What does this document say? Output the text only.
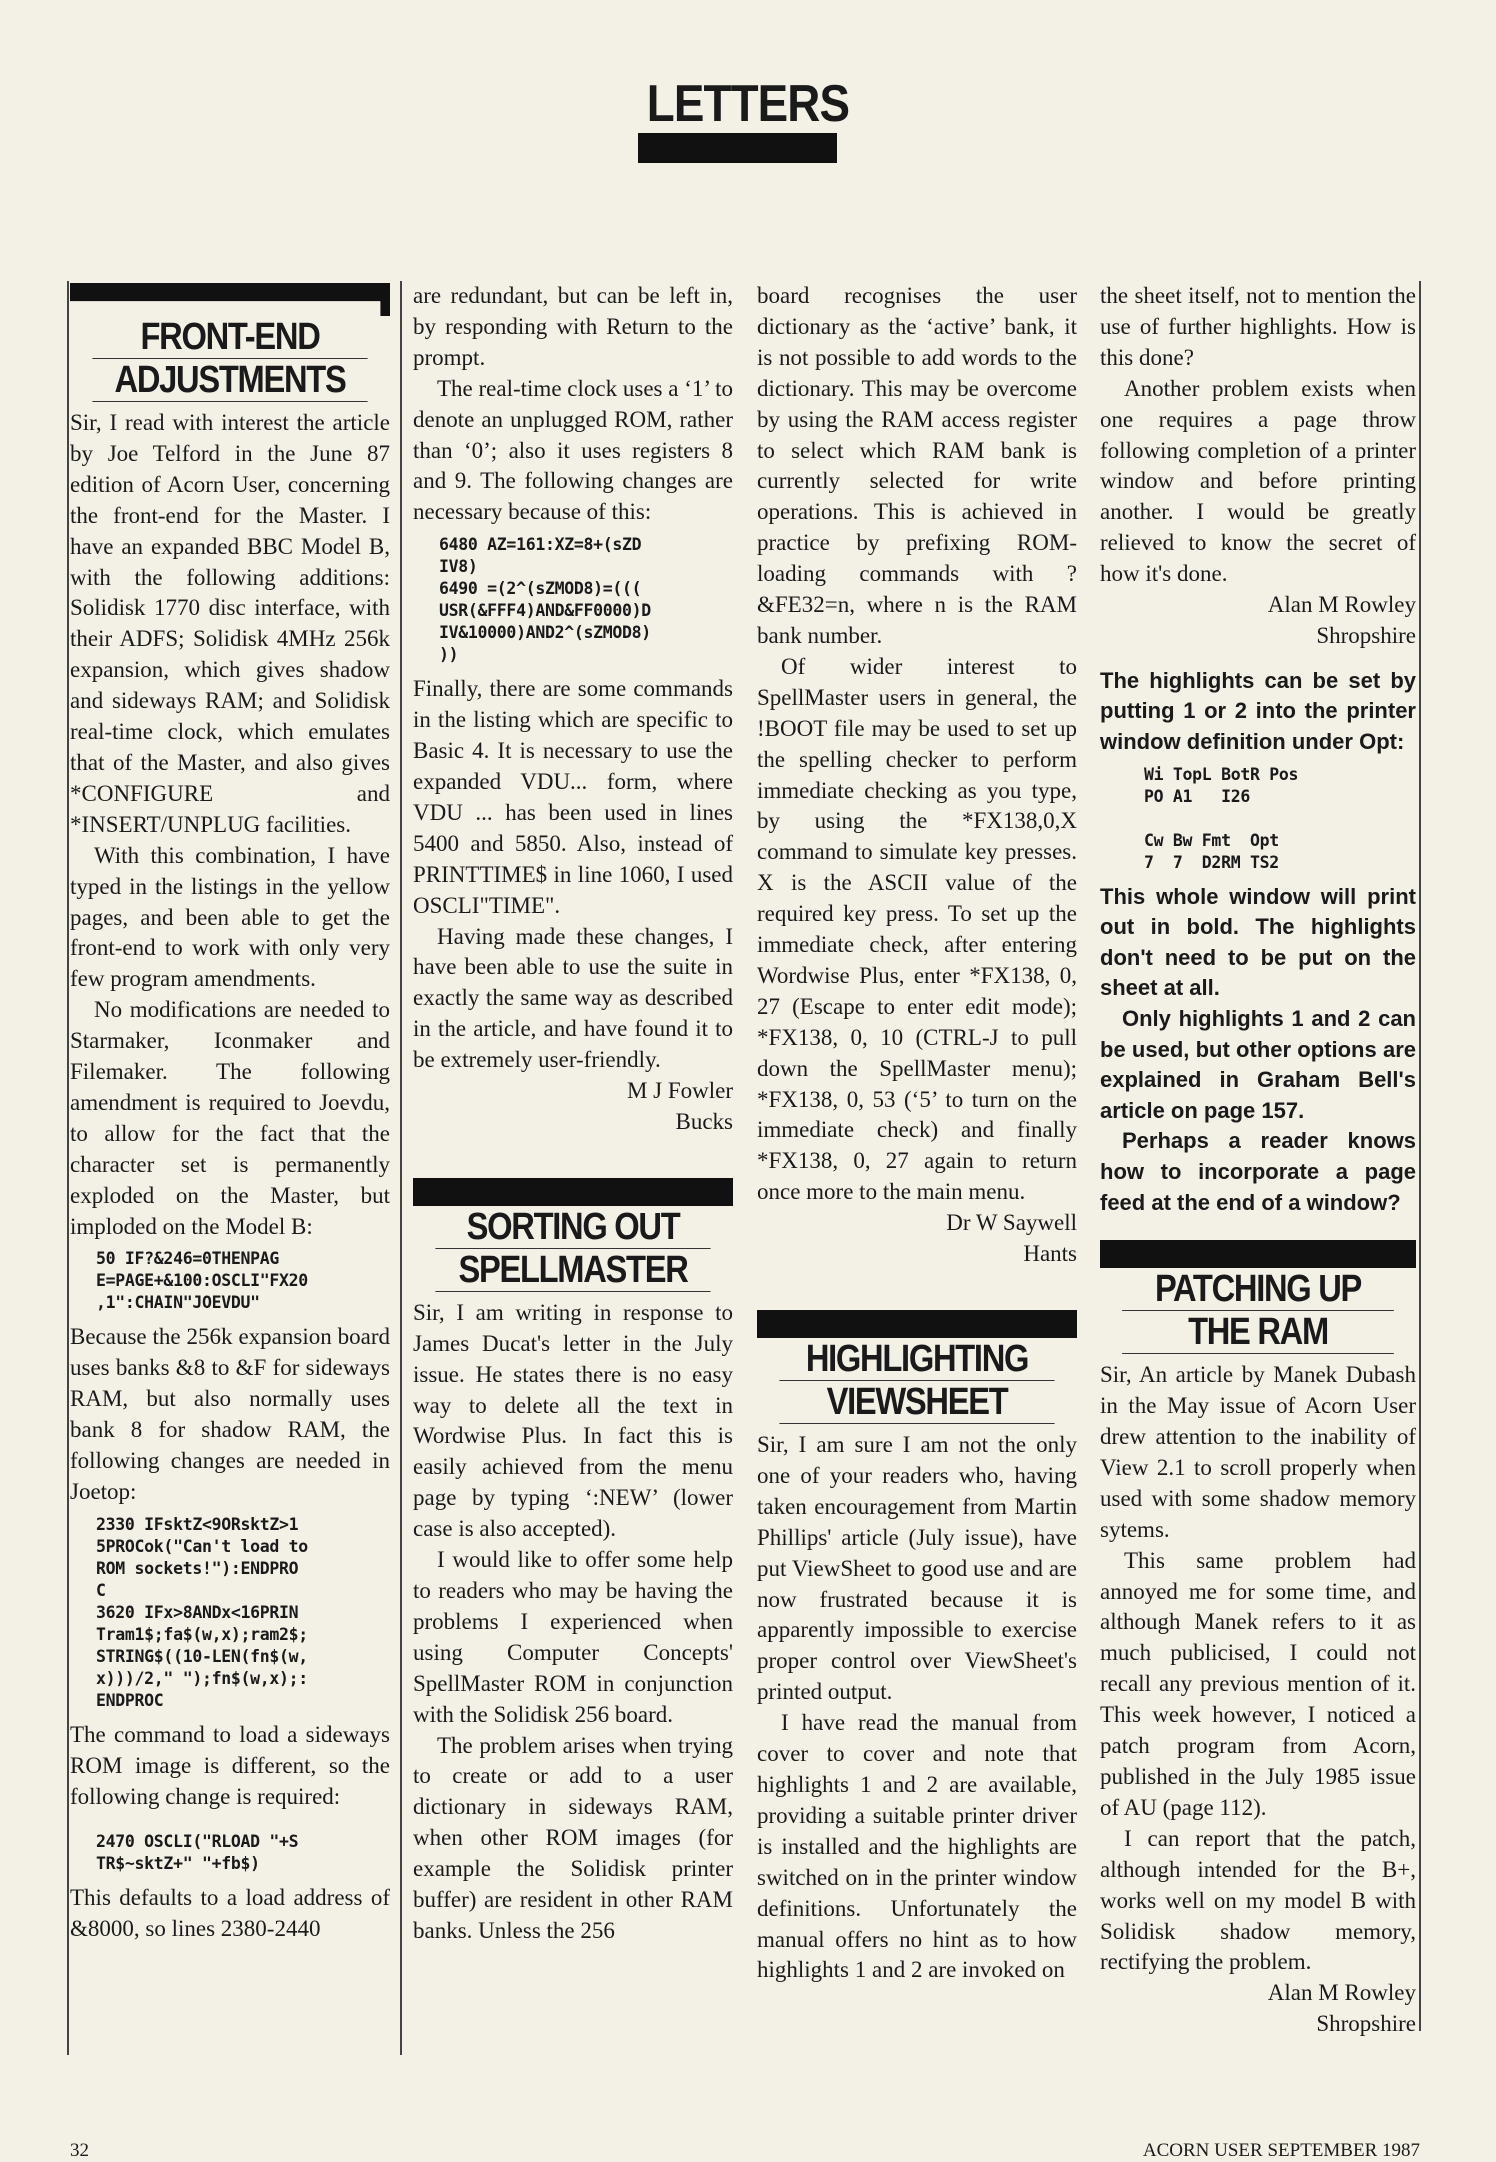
LETTERS
FRONT-END
ADJUSTMENTS

Sir, I read with interest the article by Joe Telford in the June 87 edition of Acorn User, concerning the front-end for the Master. I have an expanded BBC Model B, with the following additions: Solidisk 1770 disc interface, with their ADFS; Solidisk 4MHz 256k expansion, which gives shadow and sideways RAM; and Solidisk real-time clock, which emulates that of the Master, and also gives *CONFIGURE and *INSERT/UNPLUG facilities.

With this combination, I have typed in the listings in the yellow pages, and been able to get the front-end to work with only very few program amendments.

No modifications are needed to Starmaker, Iconmaker and Filemaker. The following amendment is required to Joevdu, to allow for the fact that the character set is permanently exploded on the Master, but imploded on the Model B:

50 IF?&246=0THENPAG
E=PAGE+&100:OSCLI"FX20
,1":CHAIN"JOEVDU"

Because the 256k expansion board uses banks &8 to &F for sideways RAM, but also normally uses bank 8 for shadow RAM, the following changes are needed in Joetop:

2330 IFsktZ<9ORsktZ>1
5PROCok("Can't load to
ROM sockets!"):ENDPRO
C
3620 IFx>8ANDx<16PRIN
Tram1$;fa$(w,x);ram2$;
STRING$((10-LEN(fn$(w,
x)))/2," ");fn$(w,x);:
ENDPROC

The command to load a sideways ROM image is different, so the following change is required:

2470 OSCLI("RLOAD "+S
TR$~sktZ+" "+fb$)

This defaults to a load address of &8000, so lines 2380-2440

are redundant, but can be left in, by responding with Return to the prompt.

The real-time clock uses a ‘1’ to denote an unplugged ROM, rather than ‘0’; also it uses registers 8 and 9. The following changes are necessary because of this:

6480 AZ=161:XZ=8+(sZD
IV8)
6490 =(2^(sZMOD8)=(((
USR(&FFF4)AND&FF0000)D
IV&10000)AND2^(sZMOD8)
))

Finally, there are some commands in the listing which are specific to Basic 4. It is necessary to use the expanded VDU... form, where VDU ... has been used in lines 5400 and 5850. Also, instead of PRINTTIME$ in line 1060, I used OSCLI"TIME".

Having made these changes, I have been able to use the suite in exactly the same way as described in the article, and have found it to be extremely user-friendly.

M J Fowler

Bucks

SORTING OUT
SPELLMASTER

Sir, I am writing in response to James Ducat's letter in the July issue. He states there is no easy way to delete all the text in Wordwise Plus. In fact this is easily achieved from the menu page by typing ‘:NEW’ (lower case is also accepted).

I would like to offer some help to readers who may be having the problems I experienced when using Computer Concepts' SpellMaster ROM in conjunction with the Solidisk 256 board.

The problem arises when trying to create or add to a user dictionary in sideways RAM, when other ROM images (for example the Solidisk printer buffer) are resident in other RAM banks. Unless the 256

board recognises the user dictionary as the ‘active’ bank, it is not possible to add words to the dictionary. This may be overcome by using the RAM access register to select which RAM bank is currently selected for write operations. This is achieved in practice by prefixing ROM-loading commands with ?&FE32=n, where n is the RAM bank number.

Of wider interest to SpellMaster users in general, the !BOOT file may be used to set up the spelling checker to perform immediate checking as you type, by using the *FX138,0,X command to simulate key presses. X is the ASCII value of the required key press. To set up the immediate check, after entering Wordwise Plus, enter *FX138, 0, 27 (Escape to enter edit mode); *FX138, 0, 10 (CTRL-J to pull down the SpellMaster menu); *FX138, 0, 53 (‘5’ to turn on the immediate check) and finally *FX138, 0, 27 again to return once more to the main menu.

Dr W Saywell

Hants

HIGHLIGHTING
VIEWSHEET

Sir, I am sure I am not the only one of your readers who, having taken encouragement from Martin Phillips' article (July issue), have put ViewSheet to good use and are now frustrated because it is apparently impossible to exercise proper control over ViewSheet's printed output.

I have read the manual from cover to cover and note that highlights 1 and 2 are available, providing a suitable printer driver is installed and the highlights are switched on in the printer window definitions. Unfortunately the manual offers no hint as to how highlights 1 and 2 are invoked on

the sheet itself, not to mention the use of further highlights. How is this done?

Another problem exists when one requires a page throw following completion of a printer window and before printing another. I would be greatly relieved to know the secret of how it's done.

Alan M Rowley

Shropshire

The highlights can be set by putting 1 or 2 into the printer window definition under Opt:

Wi TopL BotR Pos
PO A1   I26

Cw Bw Fmt  Opt
7  7  D2RM TS2

This whole window will print out in bold. The highlights don't need to be put on the sheet at all.

Only highlights 1 and 2 can be used, but other options are explained in Graham Bell's article on page 157.

Perhaps a reader knows how to incorporate a page feed at the end of a window?

PATCHING UP
THE RAM

Sir, An article by Manek Dubash in the May issue of Acorn User drew attention to the inability of View 2.1 to scroll properly when used with some shadow memory sytems.

This same problem had annoyed me for some time, and although Manek refers to it as much publicised, I could not recall any previous mention of it. This week however, I noticed a patch program from Acorn, published in the July 1985 issue of AU (page 112).

I can report that the patch, although intended for the B+, works well on my model B with Solidisk shadow memory, rectifying the problem.

Alan M Rowley

Shropshire

32	ACORN USER SEPTEMBER 1987
